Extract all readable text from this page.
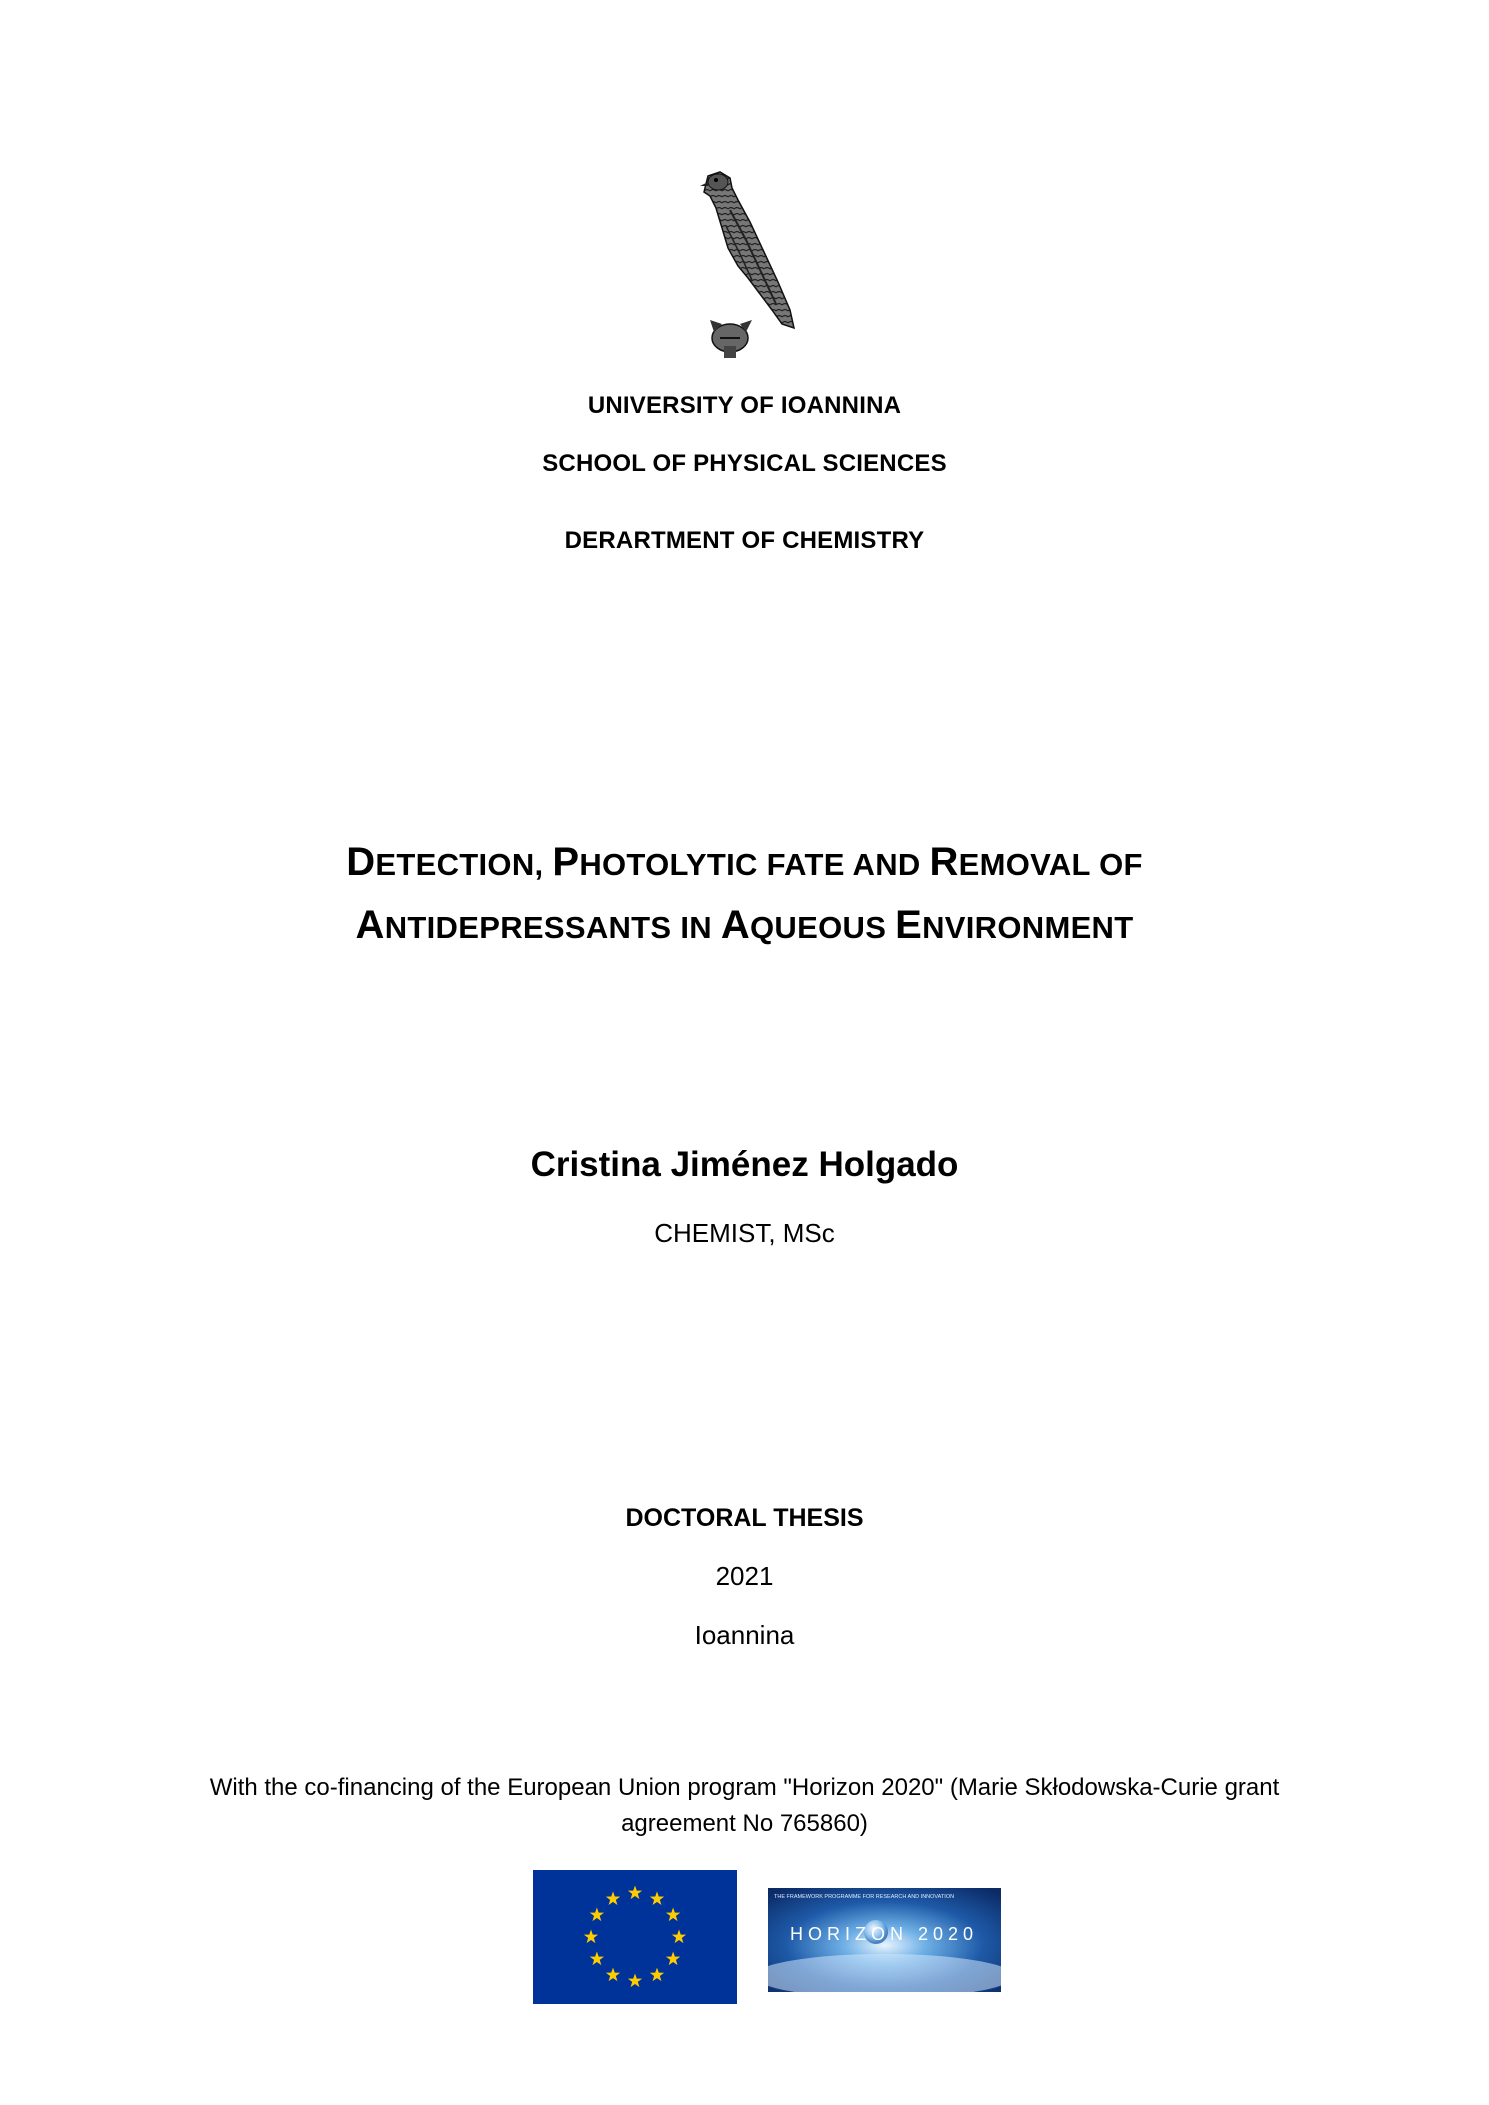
UNIVERSITY OF IOANNINA
SCHOOL OF PHYSICAL SCIENCES
DERARTMENT OF CHEMISTRY
DETECTION, PHOTOLYTIC FATE AND REMOVAL OF
ANTIDEPRESSANTS IN AQUEOUS ENVIRONMENT
Cristina Jiménez Holgado
CHEMIST, MSc
DOCTORAL THESIS
2021
Ioannina
With the co-financing of the European Union program "Horizon 2020" (Marie Skłodowska-Curie grant
agreement No 765860)
THE FRAMEWORK PROGRAMME FOR RESEARCH AND INNOVATION
HORIZON 2020
